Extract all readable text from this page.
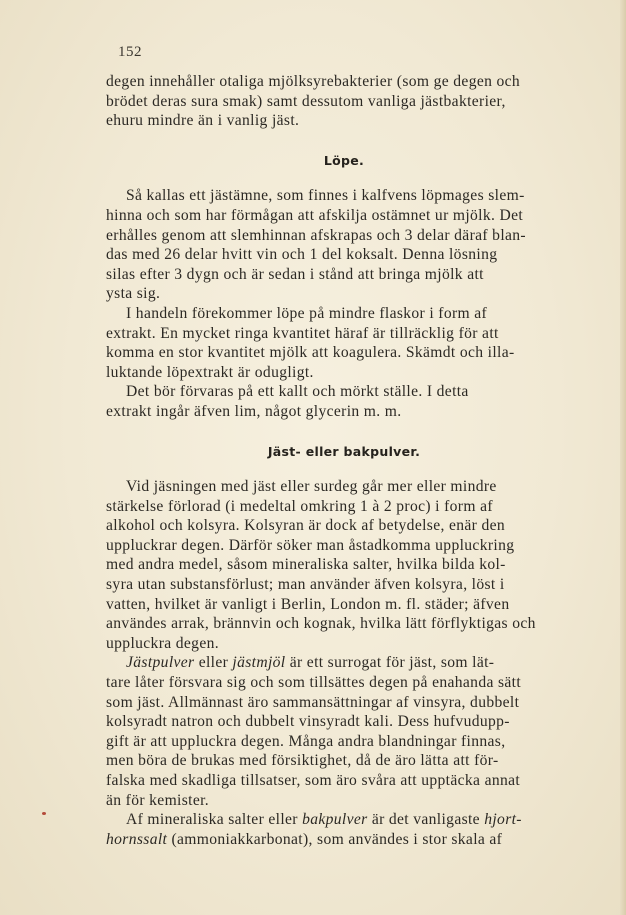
152
degen innehåller otaliga mjölksyrebakterier (som ge degen och
brödet deras sura smak) samt dessutom vanliga jästbakterier,
ehuru mindre än i vanlig jäst.
Löpe.
Så kallas ett jästämne, som finnes i kalfvens löpmages slem-
hinna och som har förmågan att afskilja ostämnet ur mjölk. Det
erhålles genom att slemhinnan afskrapas och 3 delar däraf blan-
das med 26 delar hvitt vin och 1 del koksalt. Denna lösning
silas efter 3 dygn och är sedan i stånd att bringa mjölk att
ysta sig.
I handeln förekommer löpe på mindre flaskor i form af
extrakt. En mycket ringa kvantitet häraf är tillräcklig för att
komma en stor kvantitet mjölk att koagulera. Skämdt och illa-
luktande löpextrakt är odugligt.
Det bör förvaras på ett kallt och mörkt ställe. I detta
extrakt ingår äfven lim, något glycerin m. m.
Jäst- eller bakpulver.
Vid jäsningen med jäst eller surdeg går mer eller mindre
stärkelse förlorad (i medeltal omkring 1 à 2 proc) i form af
alkohol och kolsyra. Kolsyran är dock af betydelse, enär den
uppluckrar degen. Därför söker man åstadkomma uppluckring
med andra medel, såsom mineraliska salter, hvilka bilda kol-
syra utan substansförlust; man använder äfven kolsyra, löst i
vatten, hvilket är vanligt i Berlin, London m. fl. städer; äfven
användes arrak, brännvin och kognak, hvilka lätt förflyktigas och
uppluckra degen.
Jästpulver eller jästmjöl är ett surrogat för jäst, som lät-
tare låter försvara sig och som tillsättes degen på enahanda sätt
som jäst. Allmännast äro sammansättningar af vinsyra, dubbelt
kolsyradt natron och dubbelt vinsyradt kali. Dess hufvudupp-
gift är att uppluckra degen. Många andra blandningar finnas,
men böra de brukas med försiktighet, då de äro lätta att för-
falska med skadliga tillsatser, som äro svåra att upptäcka annat
än för kemister.
Af mineraliska salter eller bakpulver är det vanligaste hjort-
hornssalt (ammoniakkarbonat), som användes i stor skala af
